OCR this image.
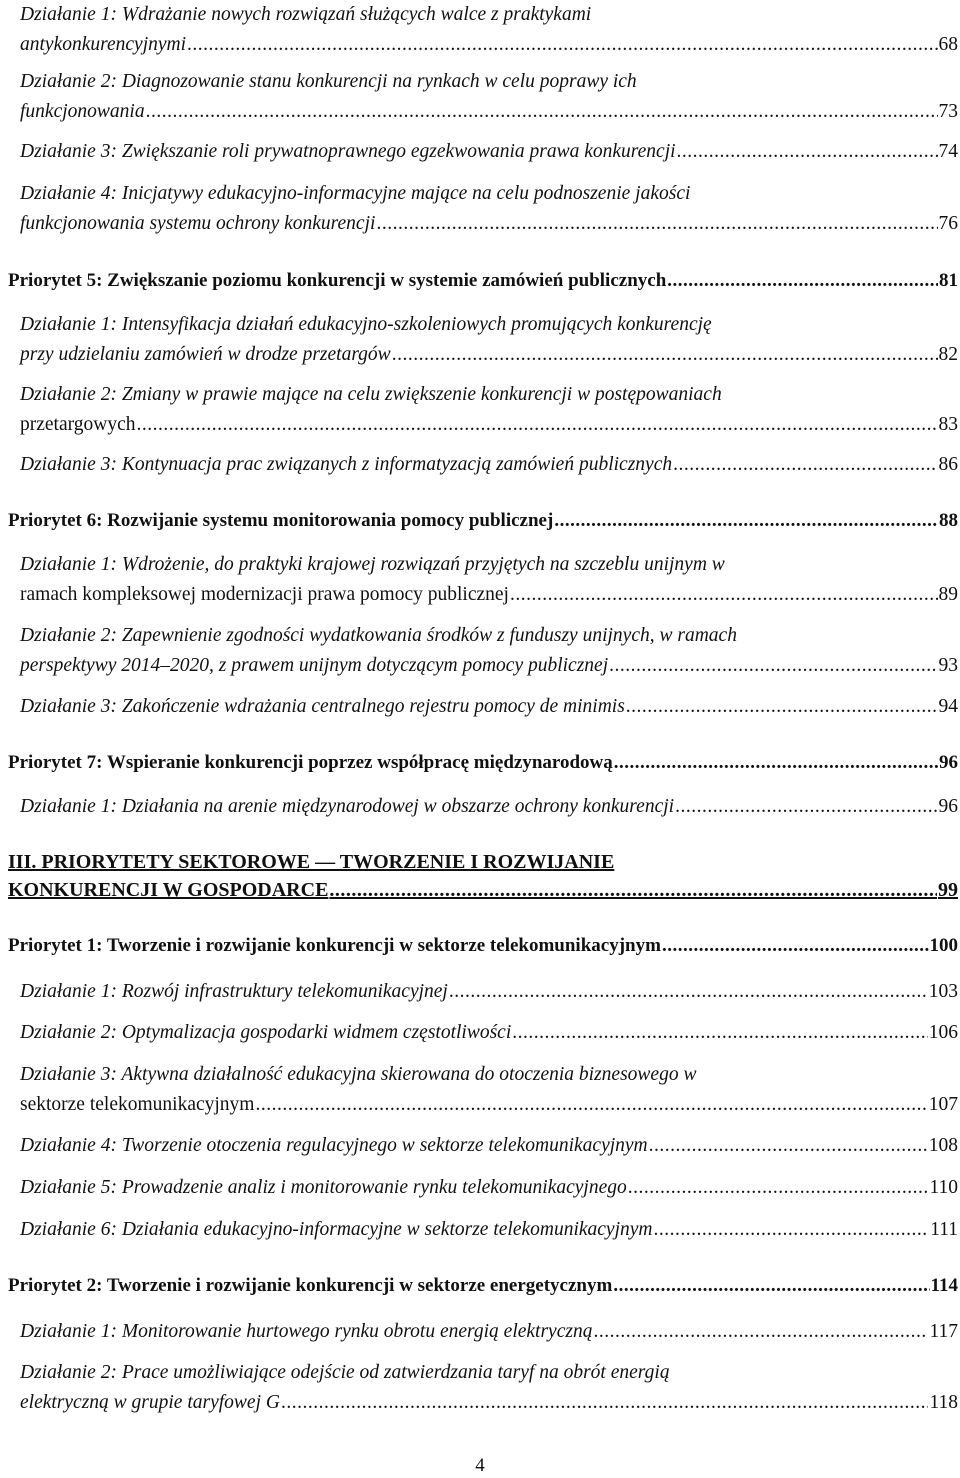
Działanie 1: Wdrażanie nowych rozwiązań służących walce z praktykami
antykonkurencyjnymi .....	68
Działanie 2: Diagnozowanie stanu konkurencji na rynkach w celu poprawy ich
funkcjonowania .....	73
Działanie 3: Zwiększanie roli prywatnoprawnego egzekwowania prawa konkurencji .....	74
Działanie 4: Inicjatywy edukacyjno-informacyjne mające na celu podnoszenie jakości
funkcjonowania systemu ochrony konkurencji .....	76
Priorytet 5: Zwiększanie poziomu konkurencji w systemie zamówień publicznych .....	81
Działanie 1: Intensyfikacja działań edukacyjno-szkoleniowych promujących konkurencję
przy udzielaniu zamówień w drodze przetargów .....	82
Działanie 2: Zmiany w prawie mające na celu zwiększenie konkurencji w postępowaniach
przetargowych .....	83
Działanie 3: Kontynuacja prac związanych z informatyzacją zamówień publicznych .....	86
Priorytet 6: Rozwijanie systemu monitorowania pomocy publicznej .....	88
Działanie 1: Wdrożenie, do praktyki krajowej rozwiązań przyjętych na szczeblu unijnym w
ramach kompleksowej modernizacji prawa pomocy publicznej .....	89
Działanie 2: Zapewnienie zgodności wydatkowania środków z funduszy unijnych, w ramach
perspektywy 2014–2020, z prawem unijnym dotyczącym pomocy publicznej .....	93
Działanie 3: Zakończenie wdrażania centralnego rejestru pomocy de minimis .....	94
Priorytet 7: Wspieranie konkurencji poprzez współpracę międzynarodową .....	96
Działanie 1: Działania na arenie międzynarodowej w obszarze ochrony konkurencji .....	96
III. PRIORYTETY SEKTOROWE — TWORZENIE I ROZWIJANIE
KONKURENCJI W GOSPODARCE .....	99
Priorytet 1: Tworzenie i rozwijanie konkurencji w sektorze telekomunikacyjnym .....	100
Działanie 1: Rozwój infrastruktury telekomunikacyjnej .....	103
Działanie 2: Optymalizacja gospodarki widmem częstotliwości .....	106
Działanie 3: Aktywna działalność edukacyjna skierowana do otoczenia biznesowego w
sektorze telekomunikacyjnym .....	107
Działanie 4: Tworzenie otoczenia regulacyjnego w sektorze telekomunikacyjnym .....	108
Działanie 5: Prowadzenie analiz i monitorowanie rynku telekomunikacyjnego .....	110
Działanie 6: Działania edukacyjno-informacyjne w sektorze telekomunikacyjnym .....	111
Priorytet 2: Tworzenie i rozwijanie konkurencji w sektorze energetycznym .....	114
Działanie 1: Monitorowanie hurtowego rynku obrotu energią elektryczną .....	117
Działanie 2: Prace umożliwiające odejście od zatwierdzania taryf na obrót energią
elektryczną w grupie taryfowej G .....	118
4
